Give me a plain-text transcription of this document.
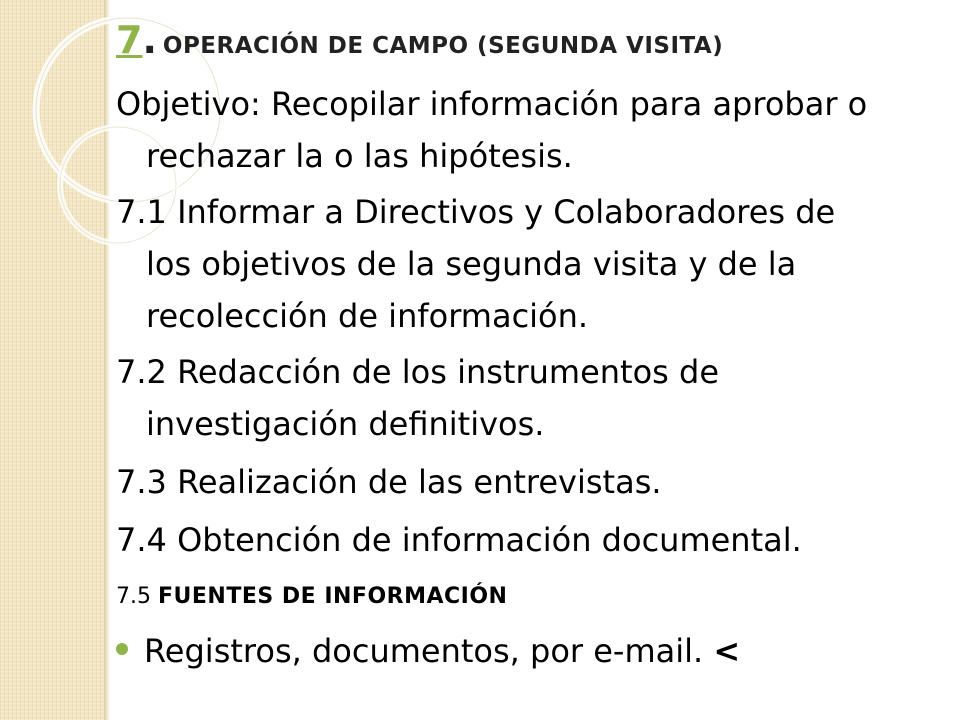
7. OPERACIÓN DE CAMPO (SEGUNDA VISITA)
Objetivo: Recopilar información para aprobar o
rechazar la o las hipótesis.
7.1 Informar a Directivos y Colaboradores de
los objetivos de la segunda visita y de la
recolección de información.
7.2 Redacción de los instrumentos de
investigación definitivos.
7.3 Realización de las entrevistas.
7.4 Obtención de información documental.
7.5 FUENTES DE INFORMACIÓN
Registros, documentos, por e-mail. <
